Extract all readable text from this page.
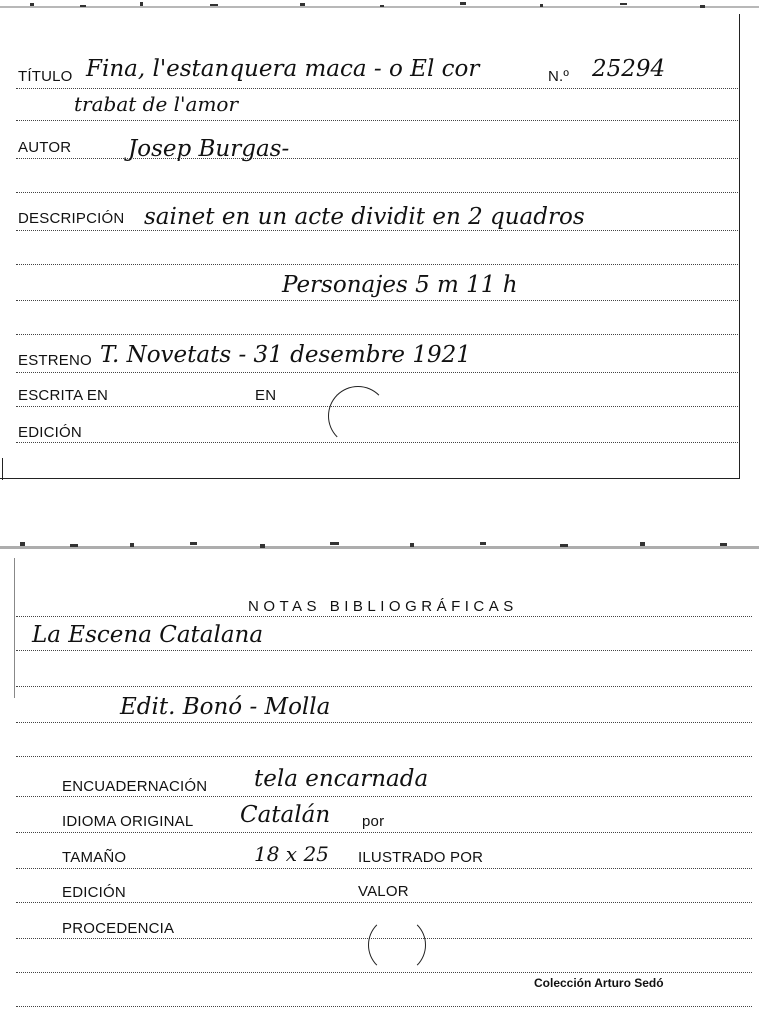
TÍTULO Fina, l'estanquera maca - o El cor	N.º 25294
trabat de l'amor
AUTOR Josep Burgas-
DESCRIPCIÓN sainet en un acte dividit en 2 quadros
Personajes 5 m 11 h
ESTRENO T. Novetats - 31 desembre 1921
ESCRITA EN	EN
EDICIÓN
NOTAS BIBLIOGRÁFICAS
La Escena Catalana
Edit. Bonó - Molla
ENCUADERNACIÓN tela encarnada
IDIOMA ORIGINAL Catalán por
TAMAÑO	18 x 25 ILUSTRADO POR
EDICIÓN	VALOR
PROCEDENCIA
Colección Arturo Sedó
